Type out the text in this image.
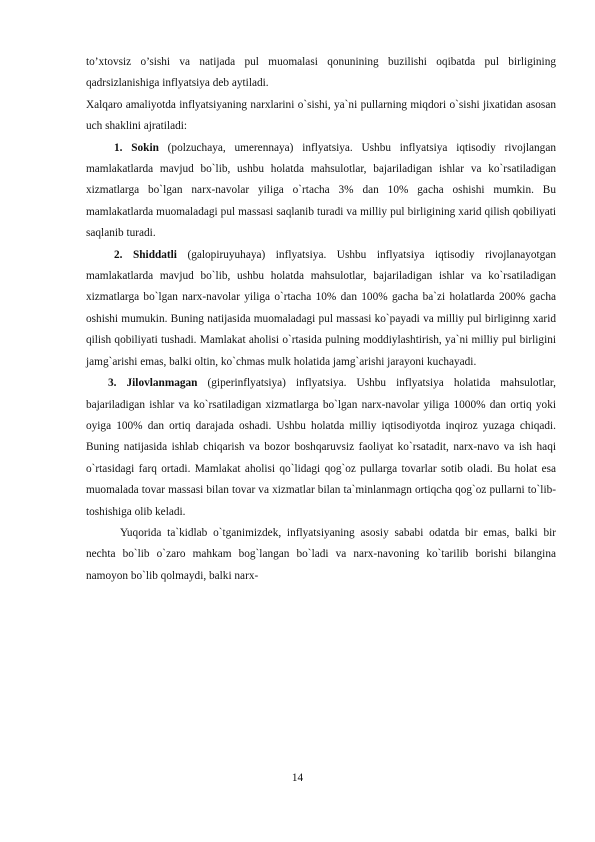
to’xtovsiz o’sishi va natijada pul muomalasi qonunining buzilishi oqibatda pul birligining qadrsizlanishiga inflyatsiya deb aytiladi.

Xalqaro amaliyotda inflyatsiyaning narxlarini o`sishi, ya`ni pullarning miqdori o`sishi jixatidan asosan uch shaklini ajratiladi:

1. Sokin (polzuchaya, umerennaya) inflyatsiya. Ushbu inflyatsiya iqtisodiy rivojlangan mamlakatlarda mavjud bo`lib, ushbu holatda mahsulotlar, bajariladigan ishlar va ko`rsatiladigan xizmatlarga bo`lgan narx-navolar yiliga o`rtacha 3% dan 10% gacha oshishi mumkin. Bu mamlakatlarda muomaladagi pul massasi saqlanib turadi va milliy pul birligining xarid qilish qobiliyati saqlanib turadi.

2. Shiddatli (galopiruyuhaya) inflyatsiya. Ushbu inflyatsiya iqtisodiy rivojlanayotgan mamlakatlarda mavjud bo`lib, ushbu holatda mahsulotlar, bajariladigan ishlar va ko`rsatiladigan xizmatlarga bo`lgan narx-navolar yiliga o`rtacha 10% dan 100% gacha ba`zi holatlarda 200% gacha oshishi mumukin. Buning natijasida muomaladagi pul massasi ko`payadi va milliy pul birliginng xarid qilish qobiliyati tushadi. Mamlakat aholisi o`rtasida pulning moddiylashtirish, ya`ni milliy pul birligini jamg`arishi emas, balki oltin, ko`chmas mulk holatida jamg`arishi jarayoni kuchayadi.

3. Jilovlanmagan (giperinflyatsiya) inflyatsiya. Ushbu inflyatsiya holatida mahsulotlar, bajariladigan ishlar va ko`rsatiladigan xizmatlarga bo`lgan narx-navolar yiliga 1000% dan ortiq yoki oyiga 100% dan ortiq darajada oshadi. Ushbu holatda milliy iqtisodiyotda inqiroz yuzaga chiqadi. Buning natijasida ishlab chiqarish va bozor boshqaruvsiz faoliyat ko`rsatadit, narx-navo va ish haqi o`rtasidagi farq ortadi. Mamlakat aholisi qo`lidagi qog`oz pullarga tovarlar sotib oladi. Bu holat esa muomalada tovar massasi bilan tovar va xizmatlar bilan ta`minlanmagn ortiqcha qog`oz pullarni to`lib-toshishiga olib keladi.

Yuqorida ta`kidlab o`tganimizdek, inflyatsiyaning asosiy sababi odatda bir emas, balki bir nechta bo`lib o`zaro mahkam bog`langan bo`ladi va narx-navoning ko`tarilib borishi bilangina namoyon bo`lib qolmaydi, balki narx-

14
